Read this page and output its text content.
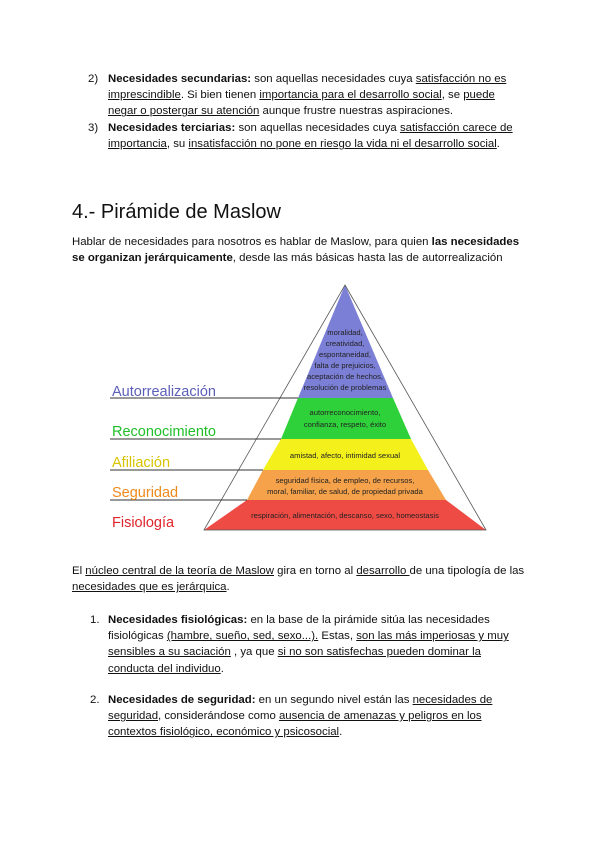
2) Necesidades secundarias: son aquellas necesidades cuya satisfacción no es imprescindible. Si bien tienen importancia para el desarrollo social, se puede negar o postergar su atención aunque frustre nuestras aspiraciones.
3) Necesidades terciarias: son aquellas necesidades cuya satisfacción carece de importancia, su insatisfacción no pone en riesgo la vida ni el desarrollo social.
4.- Pirámide de Maslow
Hablar de necesidades para nosotros es hablar de Maslow, para quien las necesidades se organizan jerárquicamente, desde las más básicas hasta las de autorrealización
Autorrealización
Reconocimiento
Afiliación
Seguridad
Fisiología
moralidad,
creatividad,
espontaneidad,
falta de prejuicios,
aceptación de hechos,
resolución de problemas
autorreconocimiento,
confianza, respeto, éxito
amistad, afecto, intimidad sexual
seguridad física, de empleo, de recursos,
moral, familiar, de salud, de propiedad privada
respiración, alimentación, descanso, sexo, homeostasis
El núcleo central de la teoría de Maslow gira en torno al desarrollo de una tipología de las necesidades que es jerárquica.
1. Necesidades fisiológicas: en la base de la pirámide sitúa las necesidades fisiológicas (hambre, sueño, sed, sexo...). Estas, son las más imperiosas y muy sensibles a su saciación , ya que si no son satisfechas pueden dominar la conducta del individuo.
2. Necesidades de seguridad: en un segundo nivel están las necesidades de seguridad, considerándose como ausencia de amenazas y peligros en los contextos fisiológico, económico y psicosocial.
